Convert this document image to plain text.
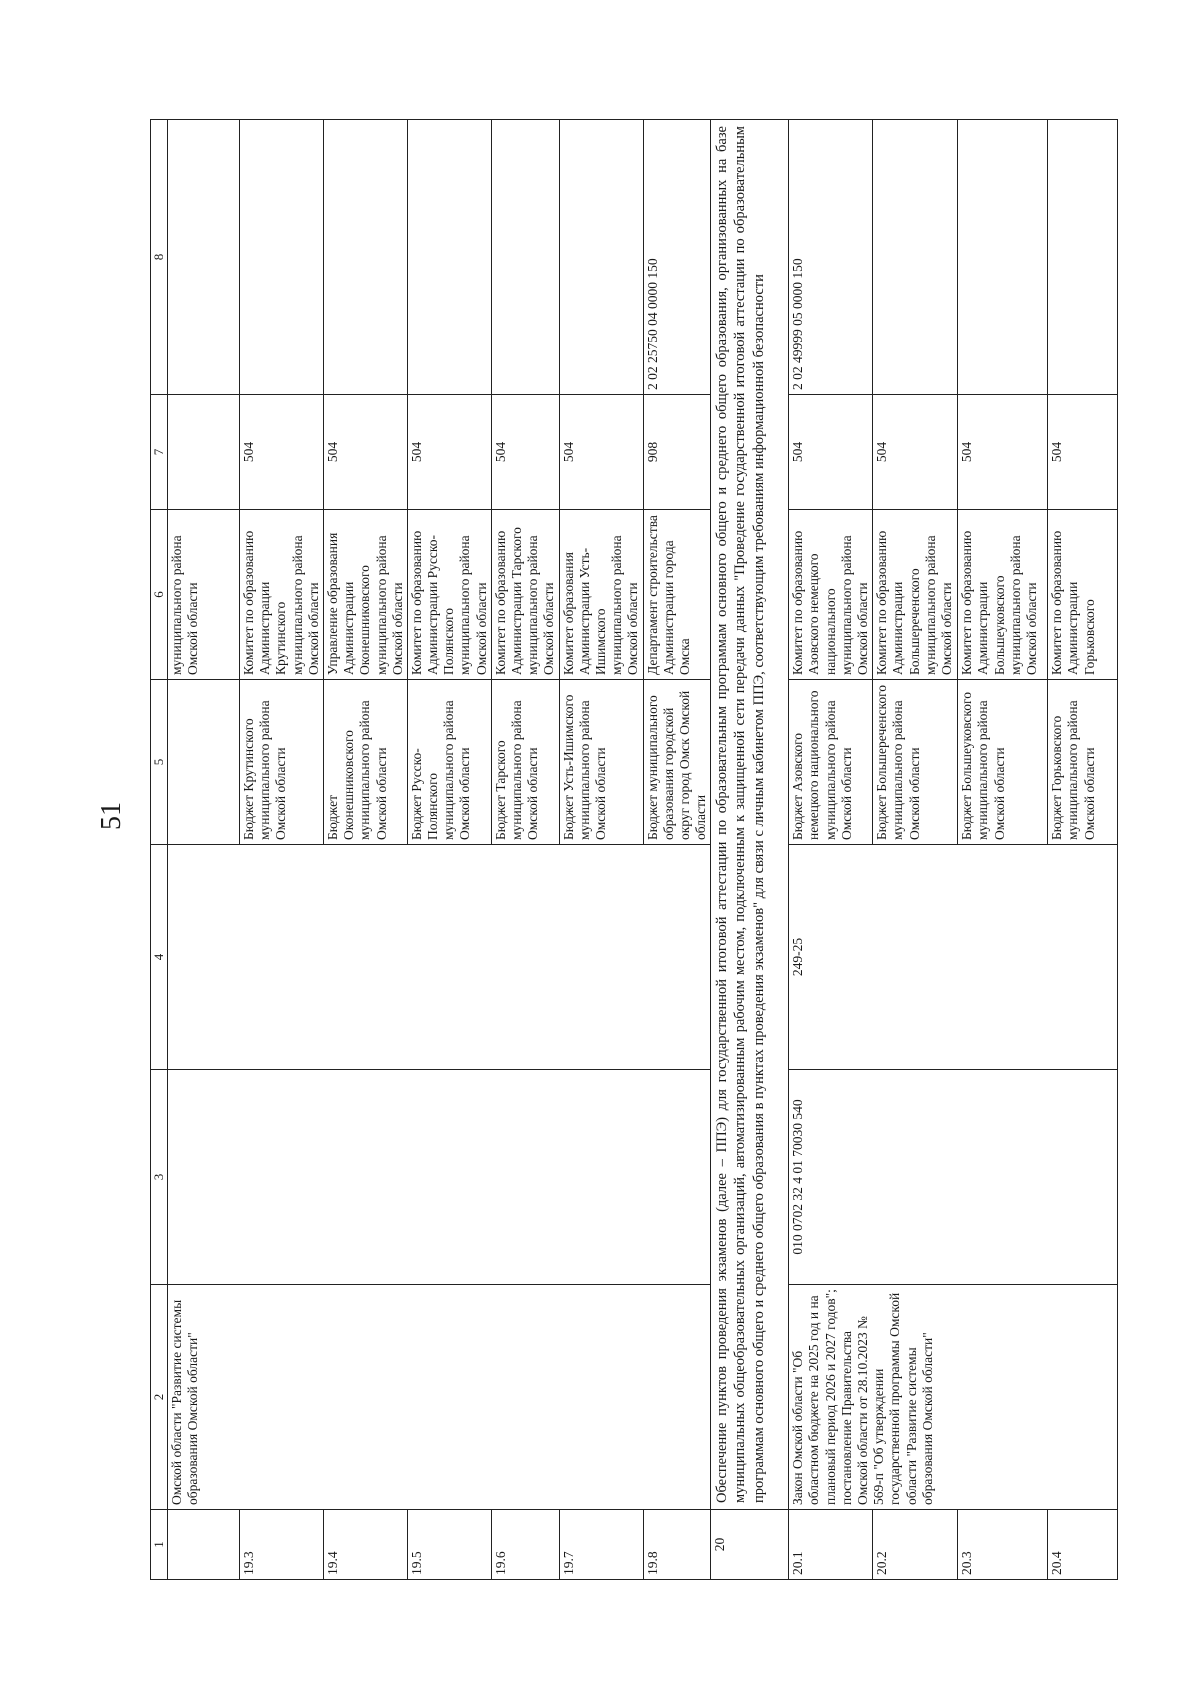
51
1	2	3	4	5	6	7	8
	Омской области "Развитие системы образования Омской области"				муниципального района Омской области		
19.3				Бюджет Крутинского муниципального района Омской области	Комитет по образованию Администрации Крутинского муниципального района Омской области	504	
19.4				Бюджет Оконешниковского муниципального района Омской области	Управление образования Администрации Оконешниковского муниципального района Омской области	504	
19.5				Бюджет Русско-Полянского муниципального района Омской области	Комитет по образованию Администрации Русско-Полянского муниципального района Омской области	504	
19.6				Бюджет Тарского муниципального района Омской области	Комитет по образованию Администрации Тарского муниципального района Омской области	504	
19.7				Бюджет Усть-Ишимского муниципального района Омской области	Комитет образования Администрации Усть-Ишимского муниципального района Омской области	504	
19.8				Бюджет муниципального образования городской округ город Омск Омской области	Департамент строительства Администрации города Омска	908	2 02 25750 04 0000 150
20	Обеспечение пунктов проведения экзаменов (далее – ППЭ) для государственной итоговой аттестации по образовательным программам основного общего и среднего общего образования, организованных на базе муниципальных общеобразовательных организаций, автоматизированным рабочим местом, подключенным к защищенной сети передачи данных "Проведение государственной итоговой аттестации по образовательным программам основного общего и среднего общего образования в пунктах проведения экзаменов" для связи с личным кабинетом ППЭ, соответствующим требованиям информационной безопасности						
20.1	Закон Омской области "Об областном бюджете на 2025 год и на плановый период 2026 и 2027 годов"; постановление Правительства Омской области от 28.10.2023 № 569-п "Об утверждении государственной программы Омской области "Развитие системы образования Омской области"	010 0702 32 4 01 70030 540	249-25	Бюджет Азовского немецкого национального муниципального района Омской области	Комитет по образованию Азовского немецкого национального муниципального района Омской области	504	2 02 49999 05 0000 150
20.2				Бюджет Большереченского муниципального района Омской области	Комитет по образованию Администрации Большереченского муниципального района Омской области	504	
20.3				Бюджет Большеуковского муниципального района Омской области	Комитет по образованию Администрации Большеуковского муниципального района Омской области	504	
20.4				Бюджет Горьковского муниципального района Омской области	Комитет по образованию Администрации Горьковского	504	
